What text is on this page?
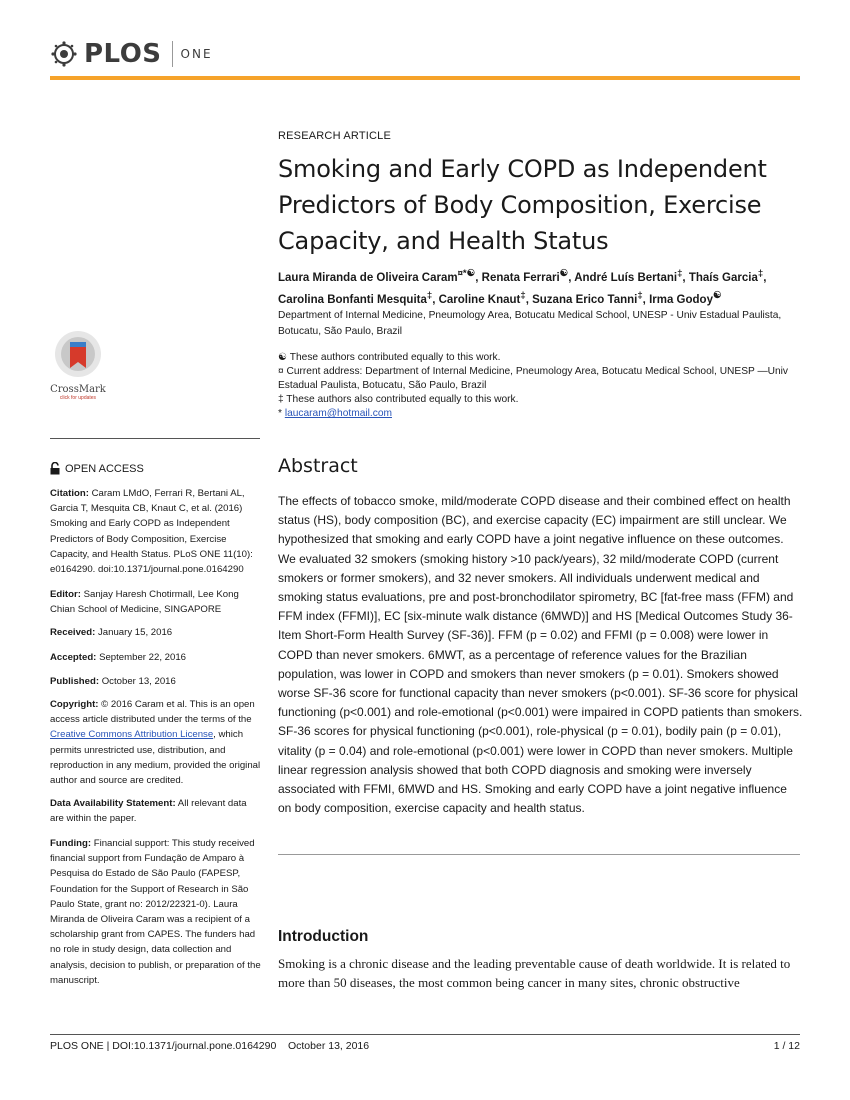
PLOS ONE
CrossMark
click for updates
OPEN ACCESS
Citation: Caram LMdO, Ferrari R, Bertani AL, Garcia T, Mesquita CB, Knaut C, et al. (2016) Smoking and Early COPD as Independent Predictors of Body Composition, Exercise Capacity, and Health Status. PLoS ONE 11(10): e0164290. doi:10.1371/journal.pone.0164290
Editor: Sanjay Haresh Chotirmall, Lee Kong Chian School of Medicine, SINGAPORE
Received: January 15, 2016
Accepted: September 22, 2016
Published: October 13, 2016
Copyright: © 2016 Caram et al. This is an open access article distributed under the terms of the Creative Commons Attribution License, which permits unrestricted use, distribution, and reproduction in any medium, provided the original author and source are credited.
Data Availability Statement: All relevant data are within the paper.
Funding: Financial support: This study received financial support from Fundação de Amparo à Pesquisa do Estado de São Paulo (FAPESP, Foundation for the Support of Research in São Paulo State, grant no: 2012/22321-0). Laura Miranda de Oliveira Caram was a recipient of a scholarship grant from CAPES. The funders had no role in study design, data collection and analysis, decision to publish, or preparation of the manuscript.
RESEARCH ARTICLE
Smoking and Early COPD as Independent Predictors of Body Composition, Exercise Capacity, and Health Status
Laura Miranda de Oliveira Caram¤*☯, Renata Ferrari☯, André Luís Bertani‡, Thaís Garcia‡, Carolina Bonfanti Mesquita‡, Caroline Knaut‡, Suzana Erico Tanni‡, Irma Godoy☯
Department of Internal Medicine, Pneumology Area, Botucatu Medical School, UNESP - Univ Estadual Paulista, Botucatu, São Paulo, Brazil
☯ These authors contributed equally to this work.
¤ Current address: Department of Internal Medicine, Pneumology Area, Botucatu Medical School, UNESP —Univ Estadual Paulista, Botucatu, São Paulo, Brazil
‡ These authors also contributed equally to this work.
* laucaram@hotmail.com
Abstract
The effects of tobacco smoke, mild/moderate COPD disease and their combined effect on health status (HS), body composition (BC), and exercise capacity (EC) impairment are still unclear. We hypothesized that smoking and early COPD have a joint negative influence on these outcomes. We evaluated 32 smokers (smoking history >10 pack/years), 32 mild/moderate COPD (current smokers or former smokers), and 32 never smokers. All individuals underwent medical and smoking status evaluations, pre and post-bronchodilator spirometry, BC [fat-free mass (FFM) and FFM index (FFMI)], EC [six-minute walk distance (6MWD)] and HS [Medical Outcomes Study 36-Item Short-Form Health Survey (SF-36)]. FFM (p = 0.02) and FFMI (p = 0.008) were lower in COPD than never smokers. 6MWT, as a percentage of reference values for the Brazilian population, was lower in COPD and smokers than never smokers (p = 0.01). Smokers showed worse SF-36 score for functional capacity than never smokers (p<0.001). SF-36 score for physical functioning (p<0.001) and role-emotional (p<0.001) were impaired in COPD patients than smokers. SF-36 scores for physical functioning (p<0.001), role-physical (p = 0.01), bodily pain (p = 0.01), vitality (p = 0.04) and role-emotional (p<0.001) were lower in COPD than never smokers. Multiple linear regression analysis showed that both COPD diagnosis and smoking were inversely associated with FFMI, 6MWD and HS. Smoking and early COPD have a joint negative influence on body composition, exercise capacity and health status.
Introduction
Smoking is a chronic disease and the leading preventable cause of death worldwide. It is related to more than 50 diseases, the most common being cancer in many sites, chronic obstructive
PLOS ONE | DOI:10.1371/journal.pone.0164290 October 13, 2016	1 / 12
